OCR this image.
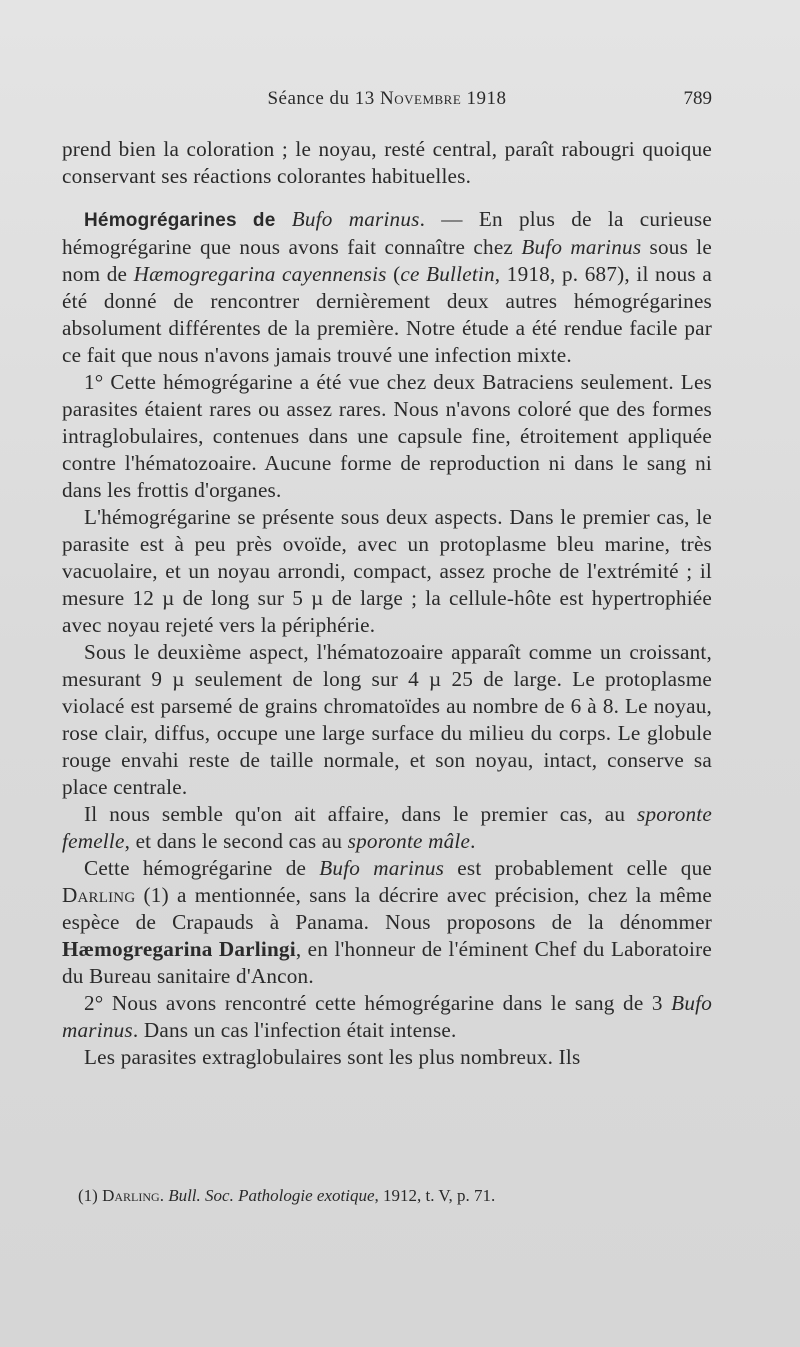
Séance du 13 Novembre 1918	789

prend bien la coloration ; le noyau, resté central, paraît rabougri quoique conservant ses réactions colorantes habituelles.

Hémogrégarines de Bufo marinus. — En plus de la curieuse hémogrégarine que nous avons fait connaître chez Bufo marinus sous le nom de Hæmogregarina cayennensis (ce Bulletin, 1918, p. 687), il nous a été donné de rencontrer dernièrement deux autres hémogrégarines absolument différentes de la première. Notre étude a été rendue facile par ce fait que nous n'avons jamais trouvé une infection mixte.

1° Cette hémogrégarine a été vue chez deux Batraciens seulement. Les parasites étaient rares ou assez rares. Nous n'avons coloré que des formes intraglobulaires, contenues dans une capsule fine, étroitement appliquée contre l'hématozoaire. Aucune forme de reproduction ni dans le sang ni dans les frottis d'organes.

L'hémogrégarine se présente sous deux aspects. Dans le premier cas, le parasite est à peu près ovoïde, avec un protoplasme bleu marine, très vacuolaire, et un noyau arrondi, compact, assez proche de l'extrémité ; il mesure 12 µ de long sur 5 µ de large ; la cellule-hôte est hypertrophiée avec noyau rejeté vers la périphérie.

Sous le deuxième aspect, l'hématozoaire apparaît comme un croissant, mesurant 9 µ seulement de long sur 4 µ 25 de large. Le protoplasme violacé est parsemé de grains chromatoïdes au nombre de 6 à 8. Le noyau, rose clair, diffus, occupe une large surface du milieu du corps. Le globule rouge envahi reste de taille normale, et son noyau, intact, conserve sa place centrale.

Il nous semble qu'on ait affaire, dans le premier cas, au sporonte femelle, et dans le second cas au sporonte mâle.

Cette hémogrégarine de Bufo marinus est probablement celle que Darling (1) a mentionnée, sans la décrire avec précision, chez la même espèce de Crapauds à Panama. Nous proposons de la dénommer Hæmogregarina Darlingi, en l'honneur de l'éminent Chef du Laboratoire du Bureau sanitaire d'Ancon.

2° Nous avons rencontré cette hémogrégarine dans le sang de 3 Bufo marinus. Dans un cas l'infection était intense.

Les parasites extraglobulaires sont les plus nombreux. Ils

(1) Darling. Bull. Soc. Pathologie exotique, 1912, t. V, p. 71.
